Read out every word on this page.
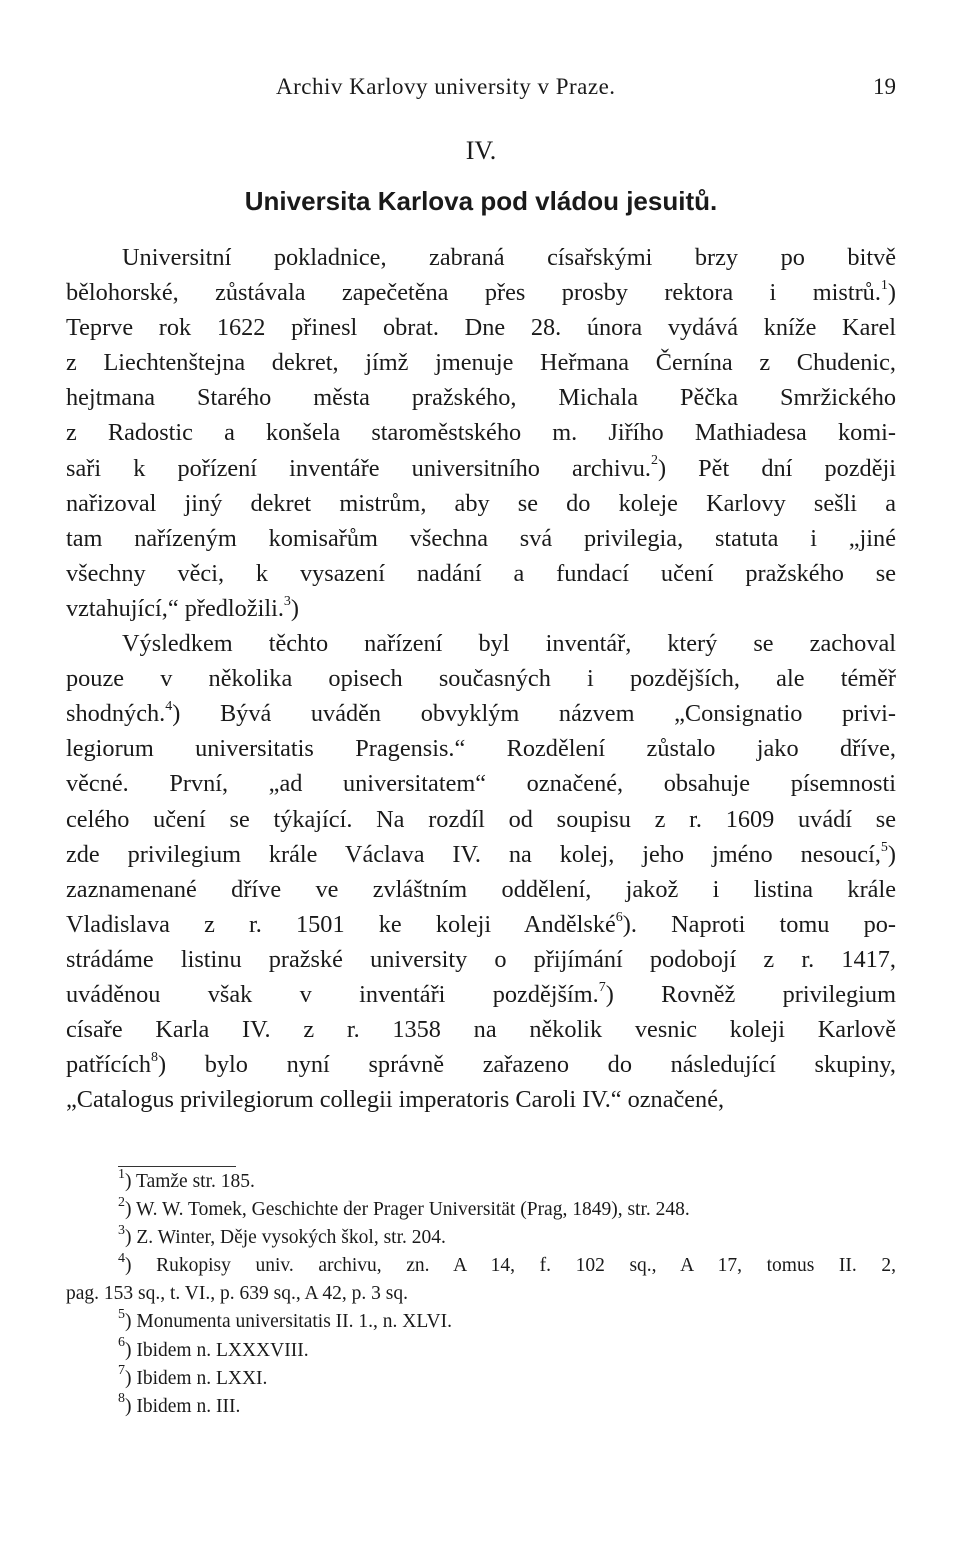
Archiv Karlovy university v Praze.	19
IV.
Universita Karlova pod vládou jesuitů.
Universitní pokladnice, zabraná císařskými brzy po bitvě
bělohorské, zůstávala zapečetěna přes prosby rektora i mistrů.$^1$)
Teprve rok 1622 přinesl obrat. Dne 28. února vydává kníže Karel
z Liechtenštejna dekret, jímž jmenuje Heřmana Černína z Chudenic,
hejtmana Starého města pražského, Michala Pěčka Smržického
z Radostic a konšela staroměstského m. Jiřího Mathiadesa komi-
saři k pořízení inventáře universitního archivu.$^2$) Pět dní později
nařizoval jiný dekret mistrům, aby se do koleje Karlovy sešli a
tam nařízeným komisařům všechna svá privilegia, statuta i „jiné
všechny věci, k vysazení nadání a fundací učení pražského se
vztahující,“ předložili.$^3$)
Výsledkem těchto nařízení byl inventář, který se zachoval
pouze v několika opisech současných i pozdějších, ale téměř
shodných.$^4$) Bývá uváděn obvyklým názvem „Consignatio privi-
legiorum universitatis Pragensis.“ Rozdělení zůstalo jako dříve,
věcné. První, „ad universitatem“ označené, obsahuje písemnosti
celého učení se týkající. Na rozdíl od soupisu z r. 1609 uvádí se
zde privilegium krále Václava IV. na kolej, jeho jméno nesoucí,$^5$)
zaznamenané dříve ve zvláštním oddělení, jakož i listina krále
Vladislava z r. 1501 ke koleji Andělské$^6$). Naproti tomu po-
strádáme listinu pražské university o přijímání podobojí z r. 1417,
uváděnou však v inventáři pozdějším.$^7$) Rovněž privilegium
císaře Karla IV. z r. 1358 na několik vesnic koleji Karlově
patřících$^8$) bylo nyní správně zařazeno do následující skupiny,
„Catalogus privilegiorum collegii imperatoris Caroli IV.“ označené,
$^1$) Tamže str. 185.
$^2$) W. W. Tomek, Geschichte der Prager Universität (Prag, 1849), str. 248.
$^3$) Z. Winter, Děje vysokých škol, str. 204.
$^4$) Rukopisy univ. archivu, zn. A 14, f. 102 sq., A 17, tomus II. 2,
pag. 153 sq., t. VI., p. 639 sq., A 42, p. 3 sq.
$^5$) Monumenta universitatis II. 1., n. XLVI.
$^6$) Ibidem n. LXXXVIII.
$^7$) Ibidem n. LXXI.
$^8$) Ibidem n. III.
